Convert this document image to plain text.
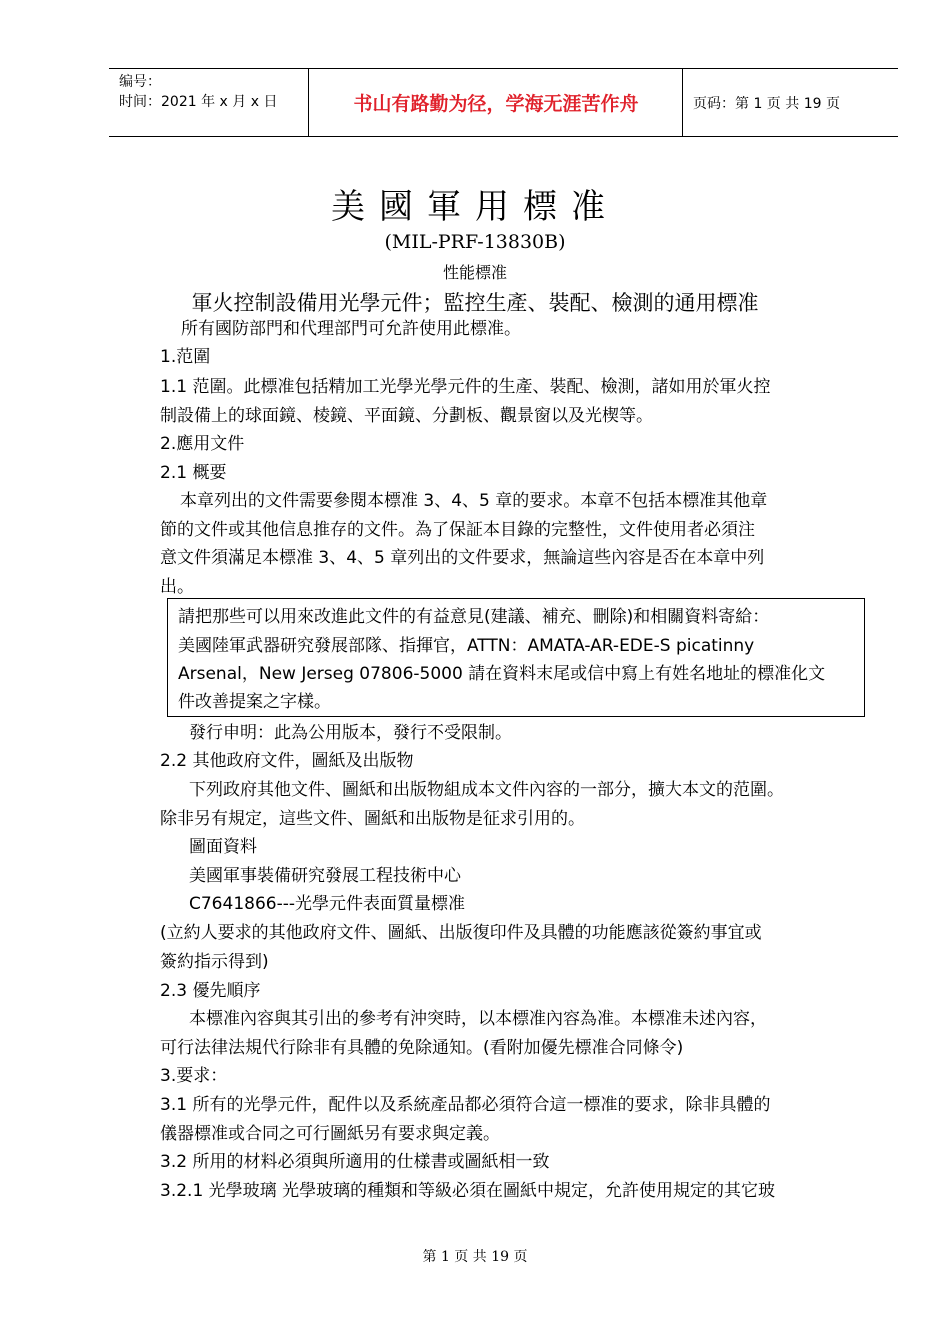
编号：
时间：2021 年 x 月 x 日	书山有路勤为径，学海无涯苦作舟	页码：第 1 页 共 19 页
美國軍用標准
(MIL-PRF-13830B)
性能標准
軍火控制設備用光學元件；監控生產、裝配、檢測的通用標准
所有國防部門和代理部門可允許使用此標准。
1.范圍
1.1 范圍。此標准包括精加工光學光學元件的生產、裝配、檢測，諸如用於軍火控
制設備上的球面鏡、棱鏡、平面鏡、分劃板、觀景窗以及光楔等。
2.應用文件
2.1 概要
本章列出的文件需要參閱本標准 3、4、5 章的要求。本章不包括本標准其他章
節的文件或其他信息推存的文件。為了保証本目錄的完整性，文件使用者必須注
意文件須滿足本標准 3、4、5 章列出的文件要求，無論這些內容是否在本章中列
出。
請把那些可以用來改進此文件的有益意見(建議、補充、刪除)和相關資料寄給：
美國陸軍武器研究發展部隊、指揮官，ATTN：AMATA-AR-EDE-S picatinny
Arsenal，New Jerseg 07806-5000 請在資料末尾或信中寫上有姓名地址的標准化文
件改善提案之字樣。
發行申明：此為公用版本，發行不受限制。
2.2 其他政府文件，圖紙及出版物
下列政府其他文件、圖紙和出版物組成本文件內容的一部分，擴大本文的范圍。
除非另有規定，這些文件、圖紙和出版物是征求引用的。
圖面資料
美國軍事裝備研究發展工程技術中心
C7641866---光學元件表面質量標准
(立約人要求的其他政府文件、圖紙、出版復印件及具體的功能應該從簽約事宜或
簽約指示得到)
2.3 優先順序
本標准內容與其引出的參考有沖突時，以本標准內容為准。本標准未述內容，
可行法律法規代行除非有具體的免除通知。(看附加優先標准合同條令)
3.要求：
3.1 所有的光學元件，配件以及系統產品都必須符合這一標准的要求，除非具體的
儀器標准或合同之可行圖紙另有要求與定義。
3.2 所用的材料必須與所適用的仕樣書或圖紙相一致
3.2.1 光學玻璃 光學玻璃的種類和等級必須在圖紙中規定，允許使用規定的其它玻
第 1 页 共 19 页
